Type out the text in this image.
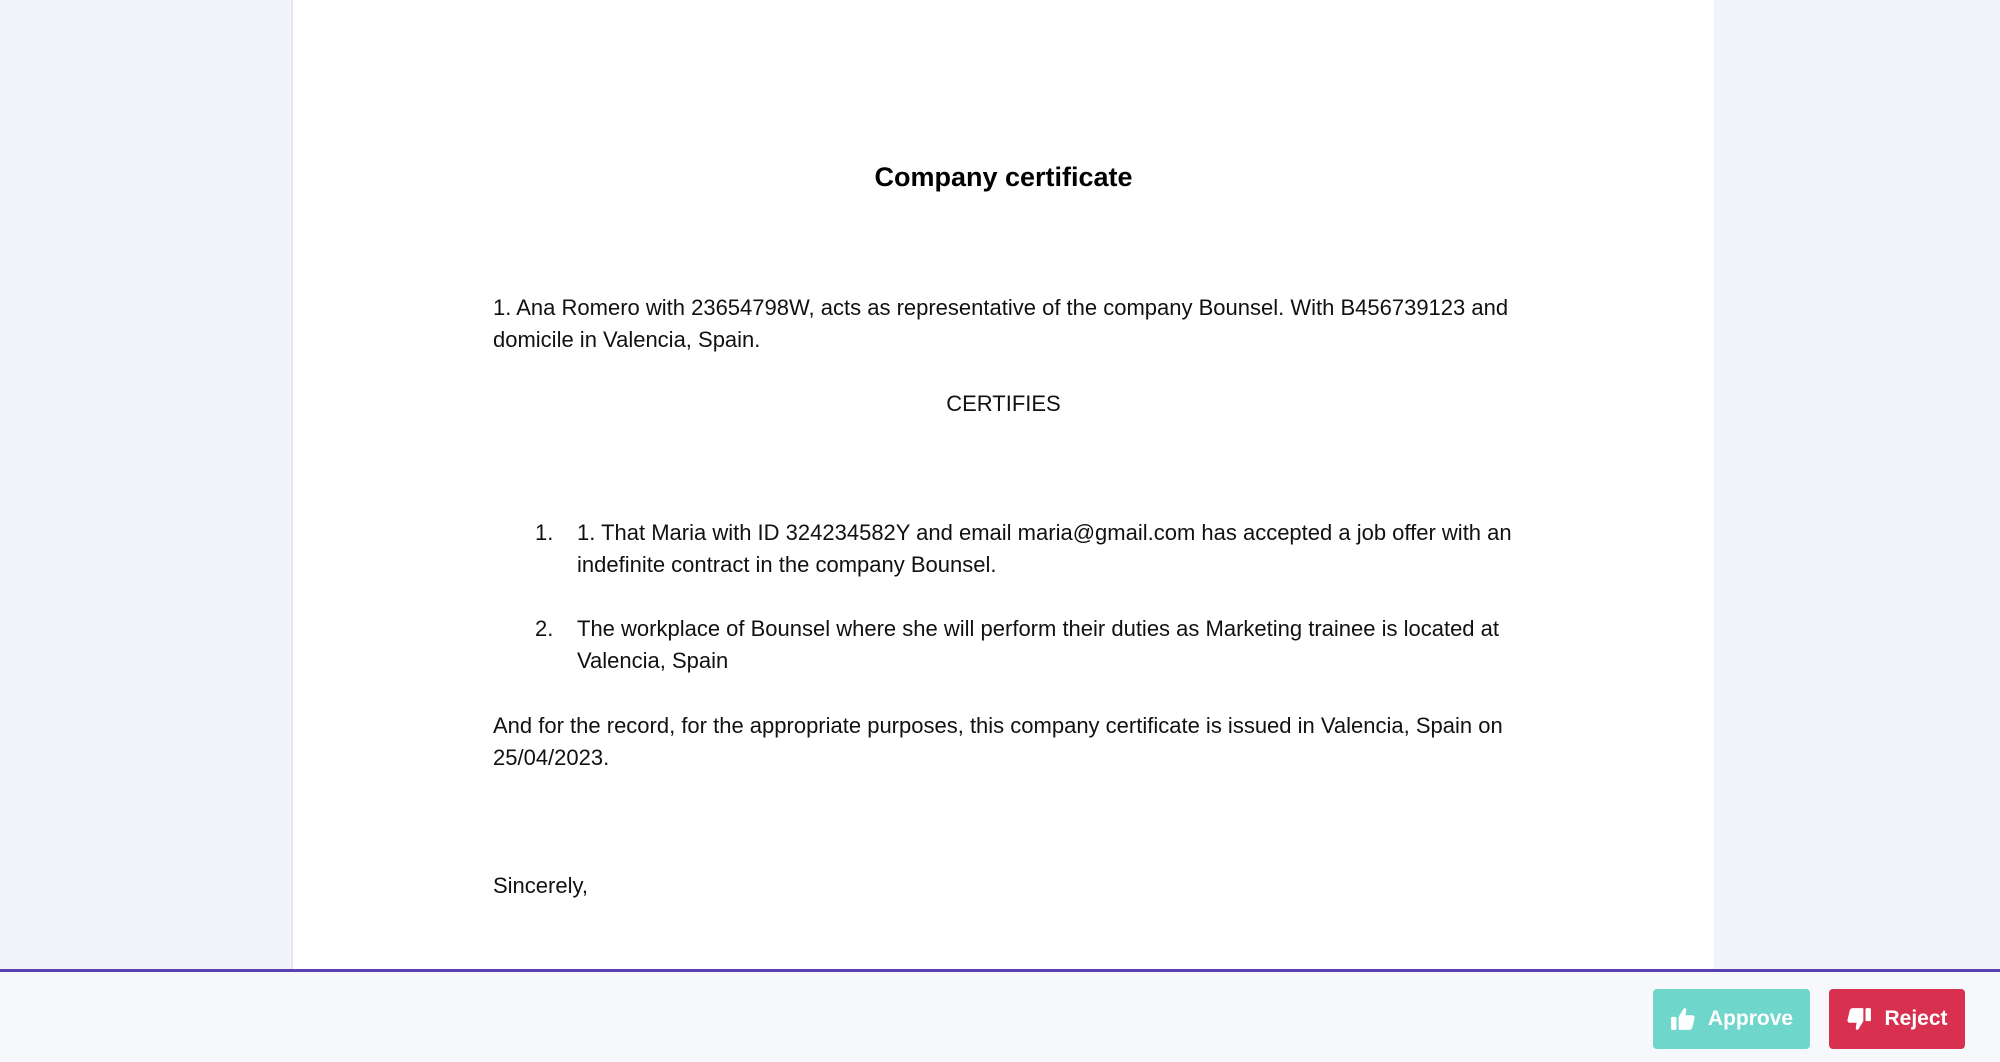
Company certificate
1. Ana Romero with 23654798W, acts as representative of the company Bounsel. With B456739123 and domicile in Valencia, Spain.
CERTIFIES
1. 1. That Maria with ID 324234582Y and email maria@gmail.com has accepted a job offer with an indefinite contract in the company Bounsel.
2. The workplace of Bounsel where she will perform their duties as Marketing trainee is located at Valencia, Spain
And for the record, for the appropriate purposes, this company certificate is issued in Valencia, Spain on 25/04/2023.
Sincerely,
Approve	Reject
